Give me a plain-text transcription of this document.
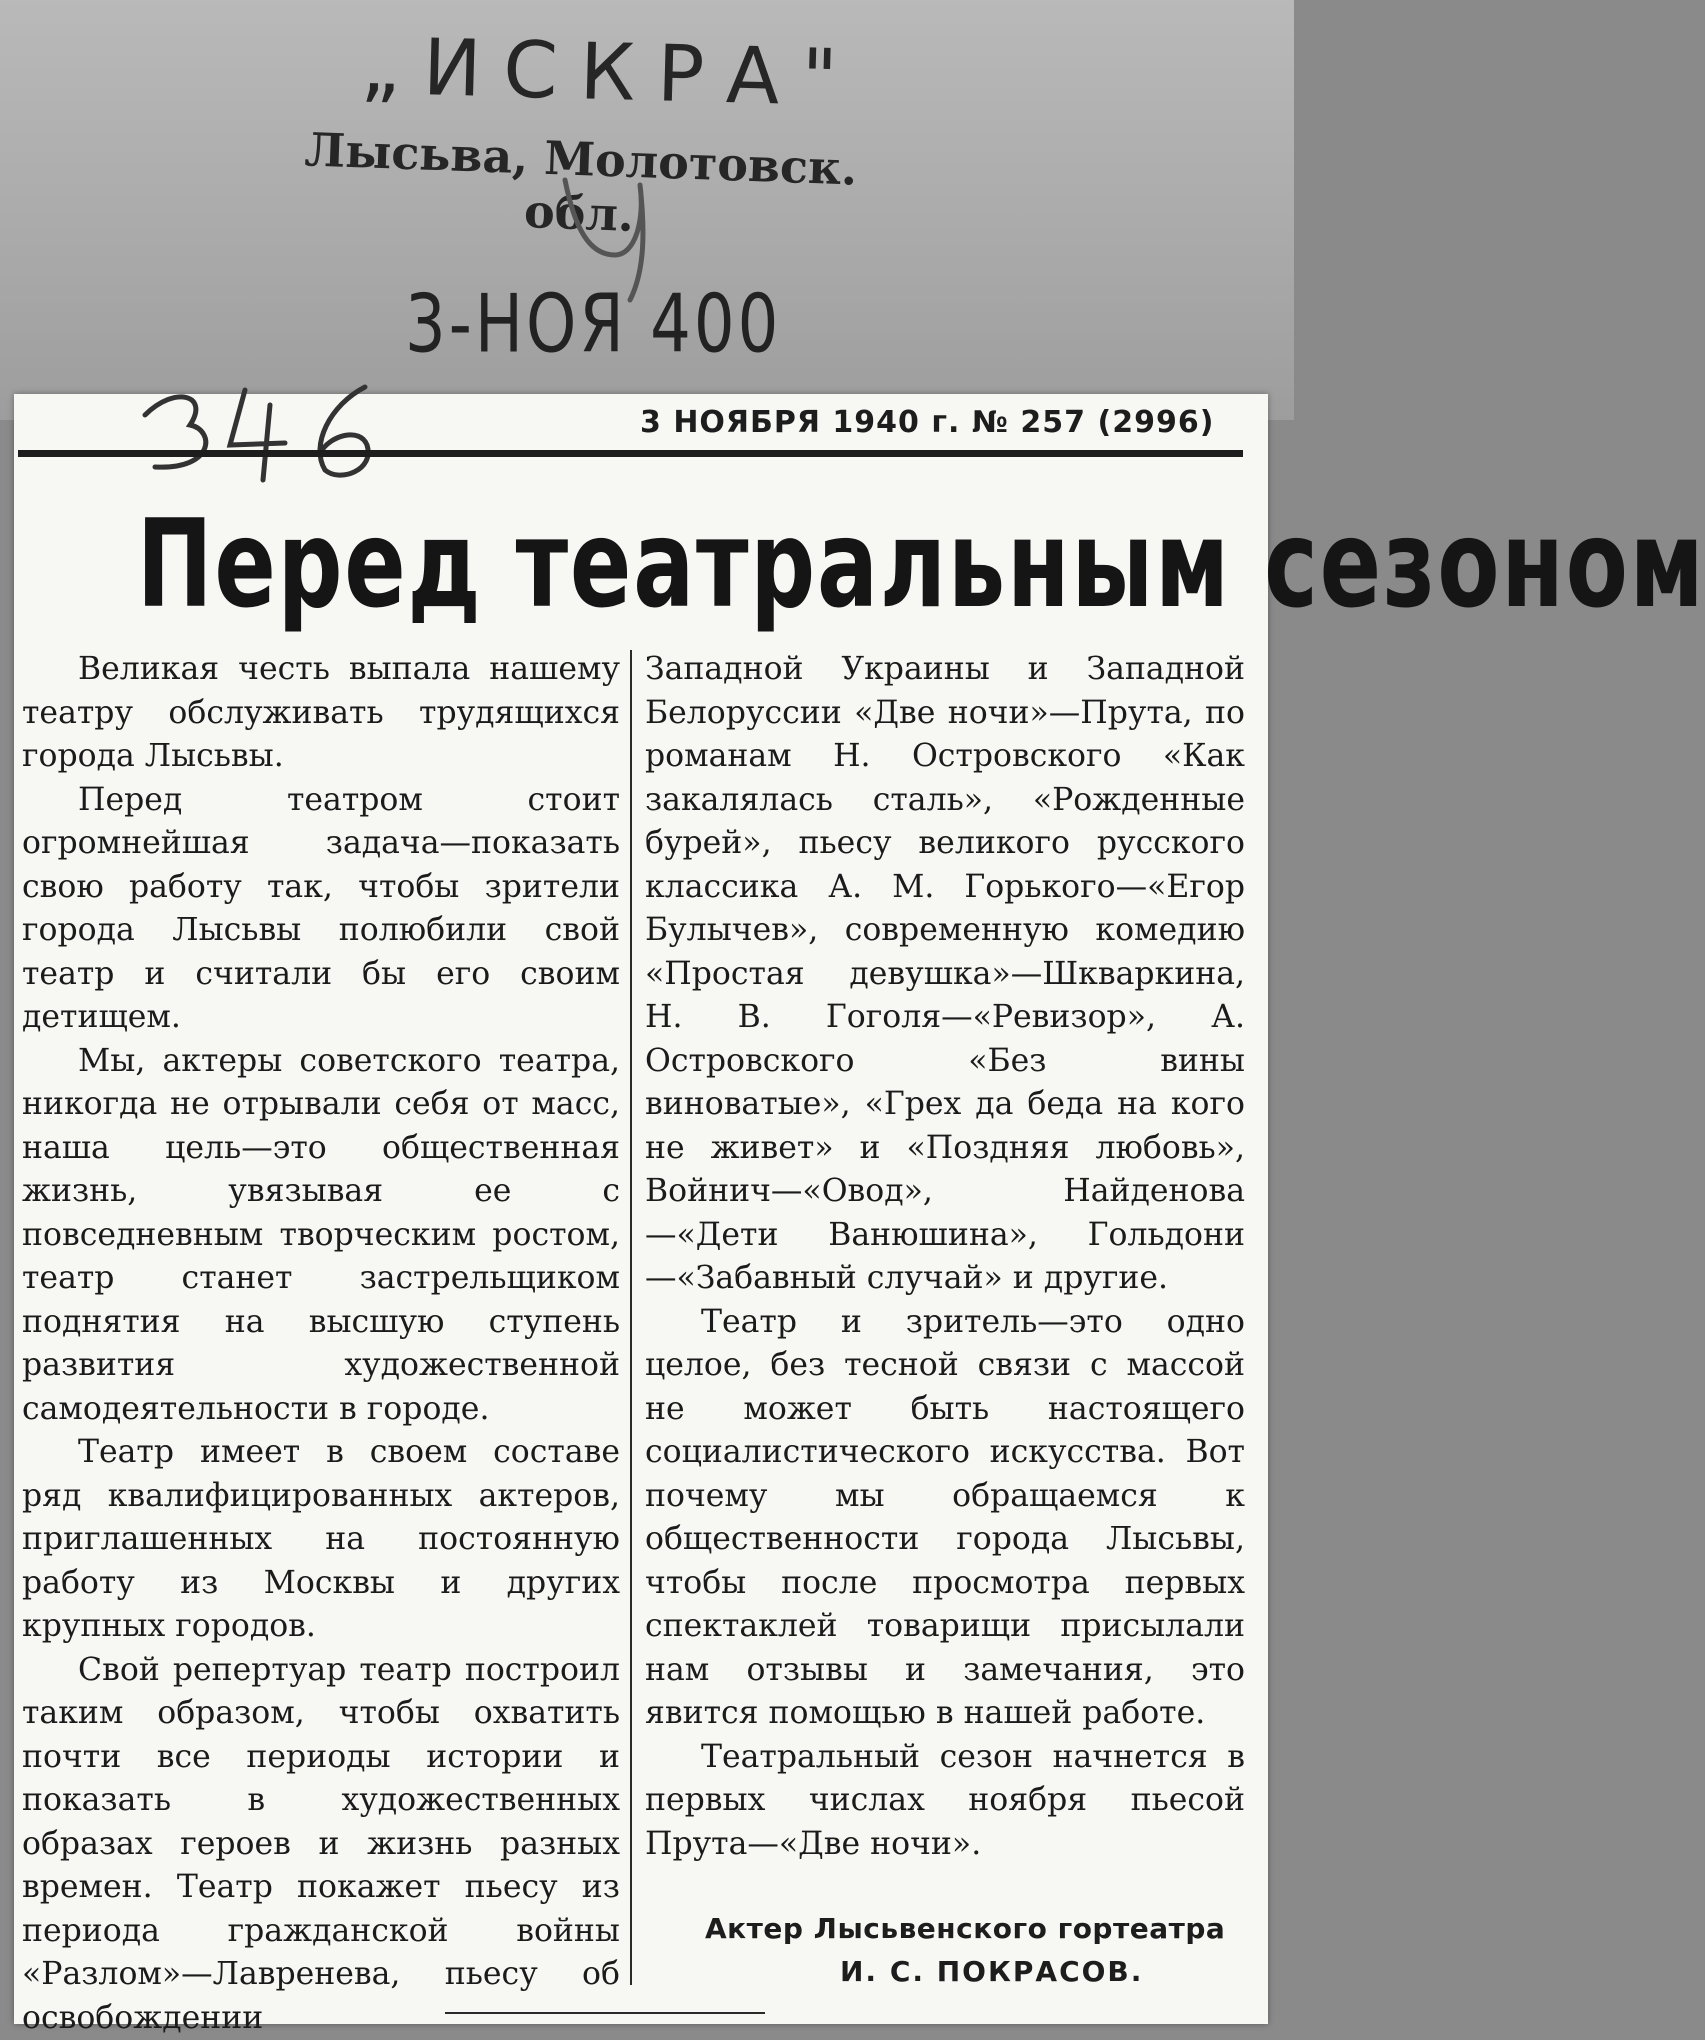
„ИСКРА"
Лысьва, Молотовск. обл.
3-НОЯ 400
3 НОЯБРЯ 1940 г. № 257 (2996)
Перед театральным сезоном

Великая честь выпала нашему театру обслуживать трудящихся города Лысьвы.

Перед театром стоит огромнейшая задача—показать свою работу так, чтобы зрители города Лысьвы полюбили свой театр и считали бы его своим детищем.

Мы, актеры советского театра, никогда не отрывали себя от масс, наша цель—это общественная жизнь, увязывая ее с повседневным творческим ростом, театр станет застрельщиком поднятия на высшую ступень развития художественной самодеятельности в городе.

Театр имеет в своем составе ряд квалифицированных актеров, приглашенных на постоянную работу из Москвы и других крупных городов.

Свой репертуар театр построил таким образом, чтобы охватить почти все периоды истории и показать в художественных образах героев и жизнь разных времен. Театр покажет пьесу из периода гражданской войны «Разлом»—Лавренева, пьесу об освобождении

Западной Украины и Западной Белоруссии «Две ночи»—Прута, по романам Н. Островского «Как закалялась сталь», «Рожденные бурей», пьесу великого русского классика А. М. Горького—«Егор Булычев», современную комедию «Простая девушка»—Шкваркина, Н. В. Гоголя—«Ревизор», А. Островского «Без вины виноватые», «Грех да беда на кого не живет» и «Поздняя любовь», Войнич—«Овод», Найденова—«Дети Ванюшина», Гольдони—«Забавный случай» и другие.

Театр и зритель—это одно целое, без тесной связи с массой не может быть настоящего социалистического искусства. Вот почему мы обращаемся к общественности города Лысьвы, чтобы после просмотра первых спектаклей товарищи присылали нам отзывы и замечания, это явится помощью в нашей работе.

Театральный сезон начнется в первых числах ноября пьесой Прута—«Две ночи».

Актер Лысьвенского гортеатра
И. С. ПОКРАСОВ.
